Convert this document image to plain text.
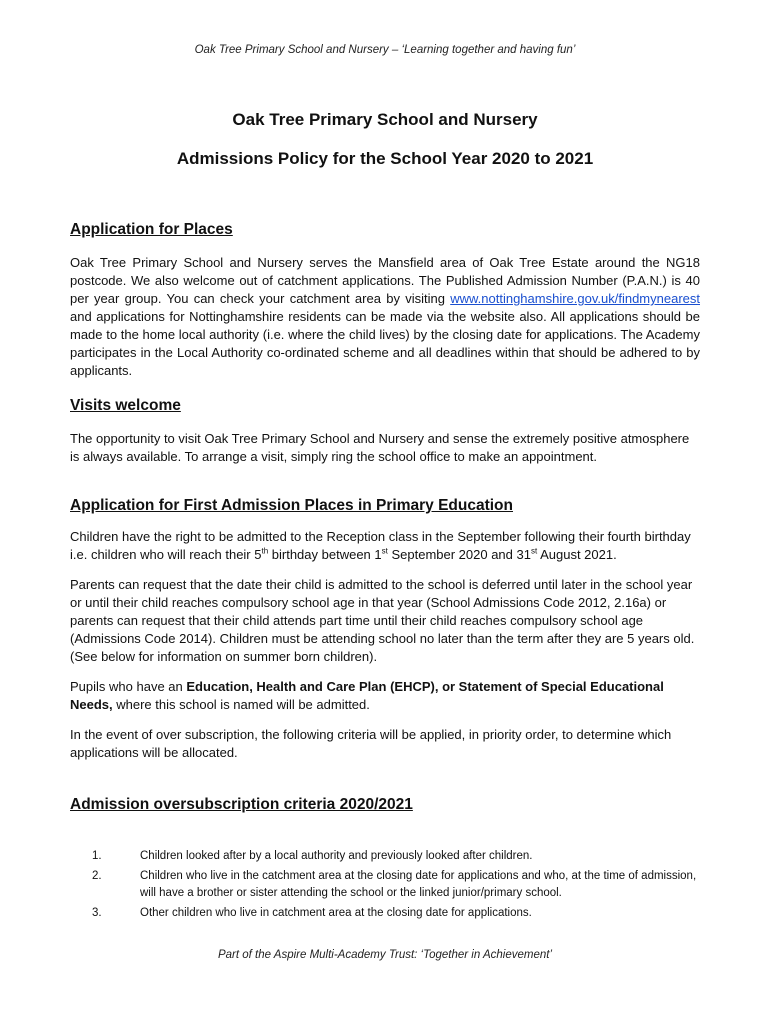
Oak Tree Primary School and Nursery – ‘Learning together and having fun’
Oak Tree Primary School and Nursery
Admissions Policy for the School Year 2020 to 2021
Application for Places

Oak Tree Primary School and Nursery serves the Mansfield area of Oak Tree Estate around the NG18 postcode. We also welcome out of catchment applications. The Published Admission Number (P.A.N.) is 40 per year group. You can check your catchment area by visiting www.nottinghamshire.gov.uk/findmynearest and applications for Nottinghamshire residents can be made via the website also. All applications should be made to the home local authority (i.e. where the child lives) by the closing date for applications. The Academy participates in the Local Authority co-ordinated scheme and all deadlines within that should be adhered to by applicants.

Visits welcome

The opportunity to visit Oak Tree Primary School and Nursery and sense the extremely positive atmosphere is always available. To arrange a visit, simply ring the school office to make an appointment.

Application for First Admission Places in Primary Education

Children have the right to be admitted to the Reception class in the September following their fourth birthday i.e. children who will reach their 5th birthday between 1st September 2020 and 31st August 2021.

Parents can request that the date their child is admitted to the school is deferred until later in the school year or until their child reaches compulsory school age in that year (School Admissions Code 2012, 2.16a) or parents can request that their child attends part time until their child reaches compulsory school age (Admissions Code 2014). Children must be attending school no later than the term after they are 5 years old. (See below for information on summer born children).

Pupils who have an Education, Health and Care Plan (EHCP), or Statement of Special Educational Needs, where this school is named will be admitted.

In the event of over subscription, the following criteria will be applied, in priority order, to determine which applications will be allocated.

Admission oversubscription criteria 2020/2021
1.	Children looked after by a local authority and previously looked after children.
2.	Children who live in the catchment area at the closing date for applications and who, at the time of admission, will have a brother or sister attending the school or the linked junior/primary school.
3.	Other children who live in catchment area at the closing date for applications.
Part of the Aspire Multi-Academy Trust: ‘Together in Achievement’
